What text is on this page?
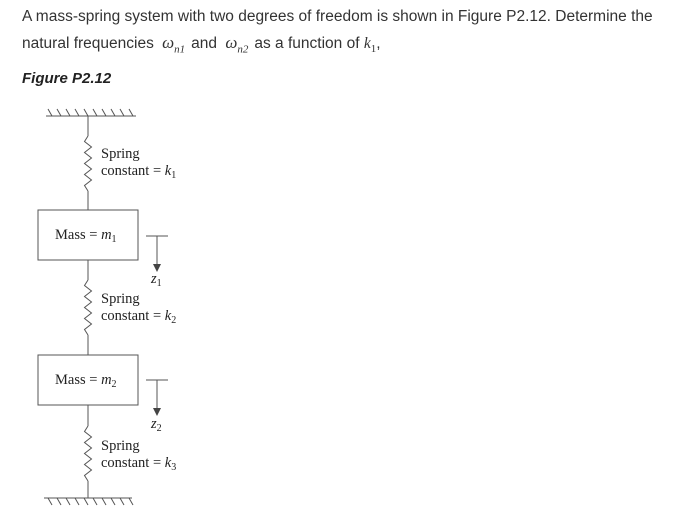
A mass-spring system with two degrees of freedom is shown in Figure P2.12. Determine the natural frequencies $\omega_{n1}$ and $\omega_{n2}$ as a function of $k_1$,
Figure P2.12
Spring
constant = $k_1$
Mass = $m_1$
$z_1$
Spring
constant = $k_2$
Mass = $m_2$
$z_2$
Spring
constant = $k_3$
